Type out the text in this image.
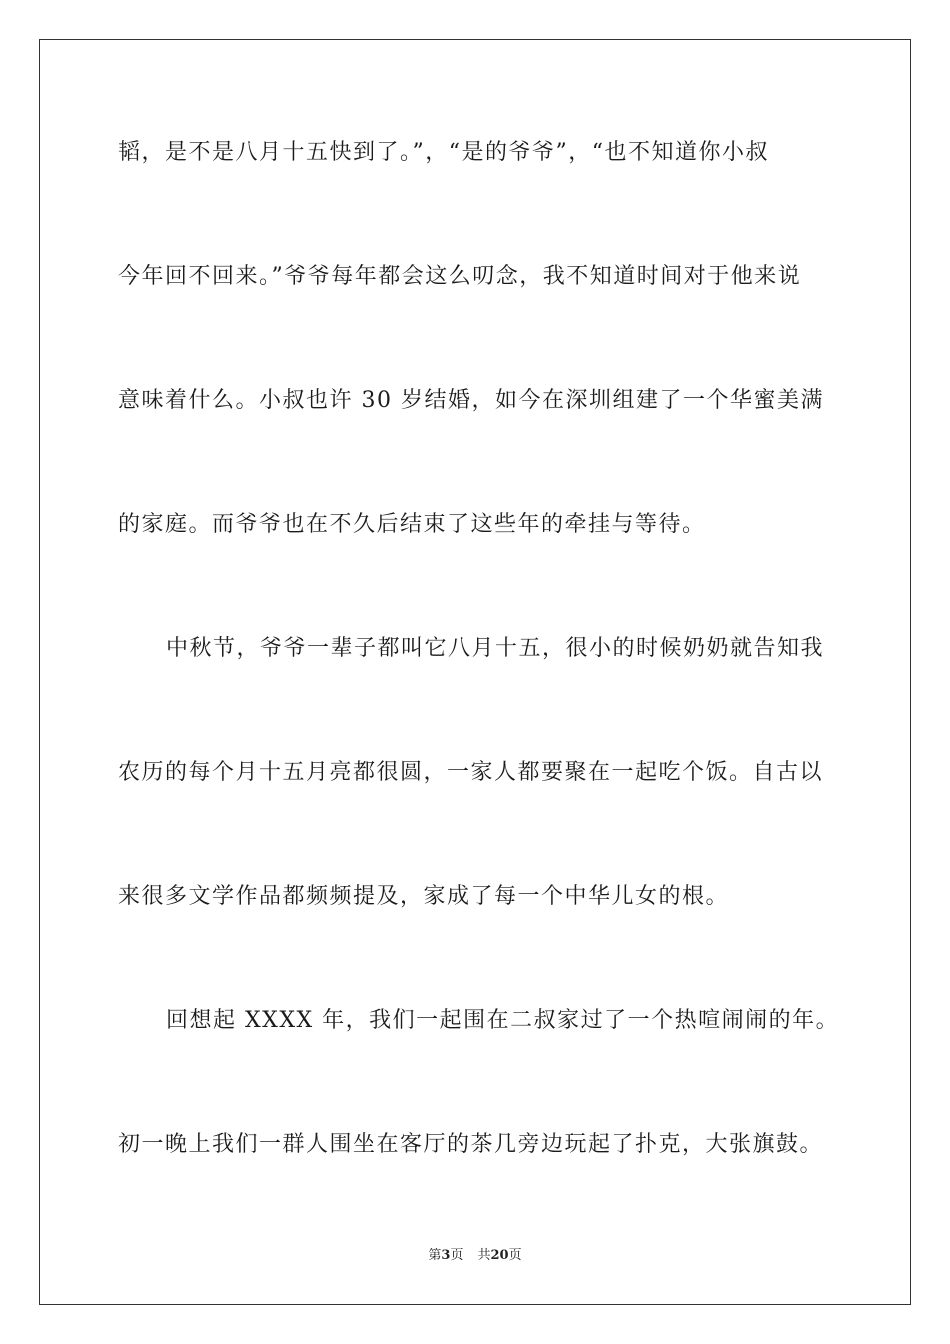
韬，是不是八月十五快到了。”，“是的爷爷”，“也不知道你小叔
今年回不回来。”爷爷每年都会这么叨念，我不知道时间对于他来说
意味着什么。小叔也许 30 岁结婚，如今在深圳组建了一个华蜜美满
的家庭。而爷爷也在不久后结束了这些年的牵挂与等待。
中秋节，爷爷一辈子都叫它八月十五，很小的时候奶奶就告知我
农历的每个月十五月亮都很圆，一家人都要聚在一起吃个饭。自古以
来很多文学作品都频频提及，家成了每一个中华儿女的根。
回想起 XXXX 年，我们一起围在二叔家过了一个热喧闹闹的年。
初一晚上我们一群人围坐在客厅的茶几旁边玩起了扑克，大张旗鼓。
第3页 共20页
